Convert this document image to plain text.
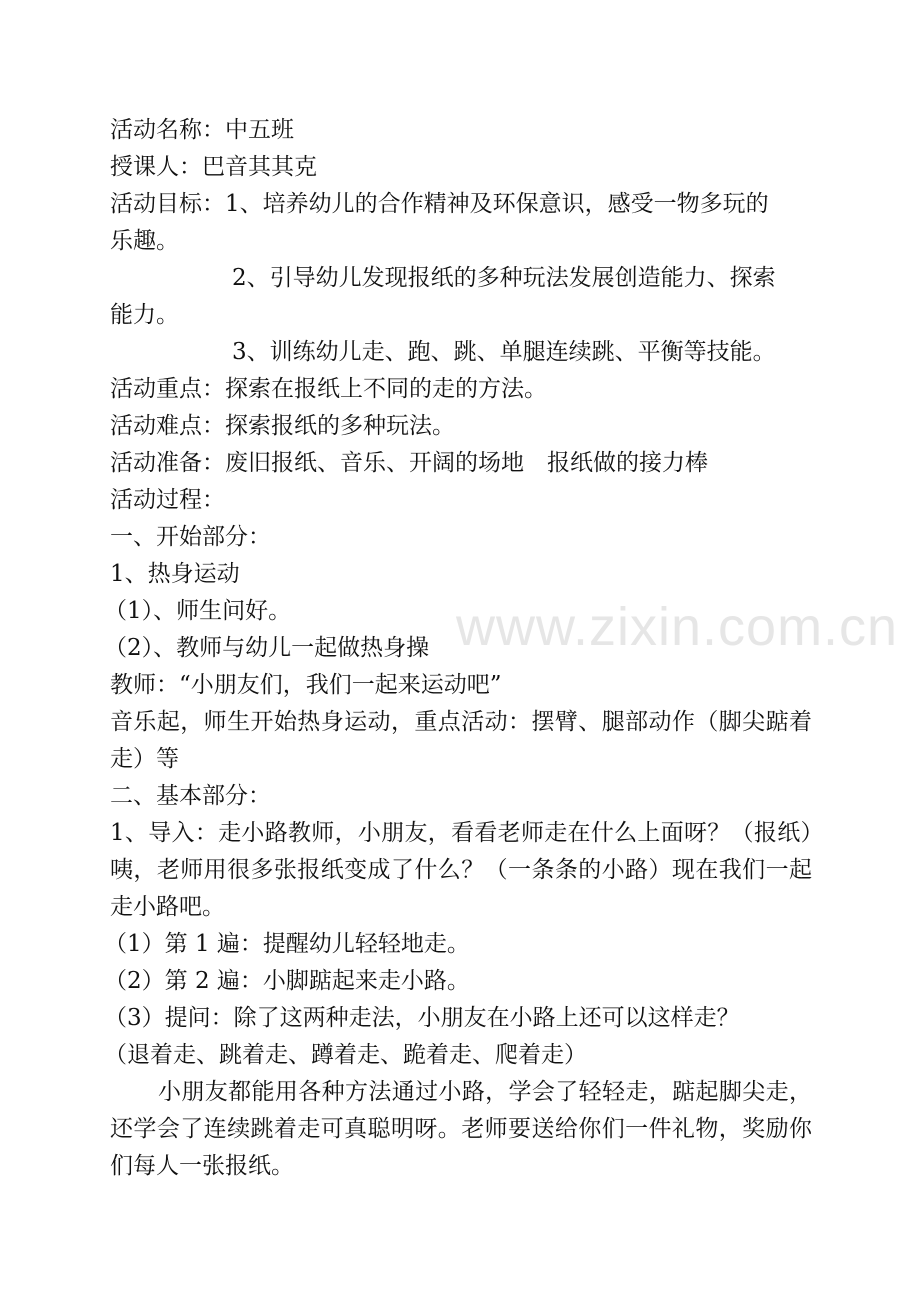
www.zixin.com.cn
活动名称：中五班
授课人：巴音其其克
活动目标：1、培养幼儿的合作精神及环保意识，感受一物多玩的
乐趣。
2、引导幼儿发现报纸的多种玩法发展创造能力、探索
能力。
3、训练幼儿走、跑、跳、单腿连续跳、平衡等技能。
活动重点：探索在报纸上不同的走的方法。
活动难点：探索报纸的多种玩法。
活动准备：废旧报纸、音乐、开阔的场地　报纸做的接力棒
活动过程：
一、开始部分：
1、热身运动
（1）、师生问好。
（2）、教师与幼儿一起做热身操
教师：“小朋友们，我们一起来运动吧”
音乐起，师生开始热身运动，重点活动：摆臂、腿部动作（脚尖踮着走）等
二、基本部分：
1、导入：走小路教师，小朋友，看看老师走在什么上面呀？（报纸）咦，老师用很多张报纸变成了什么？（一条条的小路）现在我们一起走小路吧。
（1）第 1 遍：提醒幼儿轻轻地走。
（2）第 2 遍：小脚踮起来走小路。
（3）提问：除了这两种走法，小朋友在小路上还可以这样走？
（退着走、跳着走、蹲着走、跪着走、爬着走）
小朋友都能用各种方法通过小路，学会了轻轻走，踮起脚尖走，还学会了连续跳着走可真聪明呀。老师要送给你们一件礼物，奖励你们每人一张报纸。
